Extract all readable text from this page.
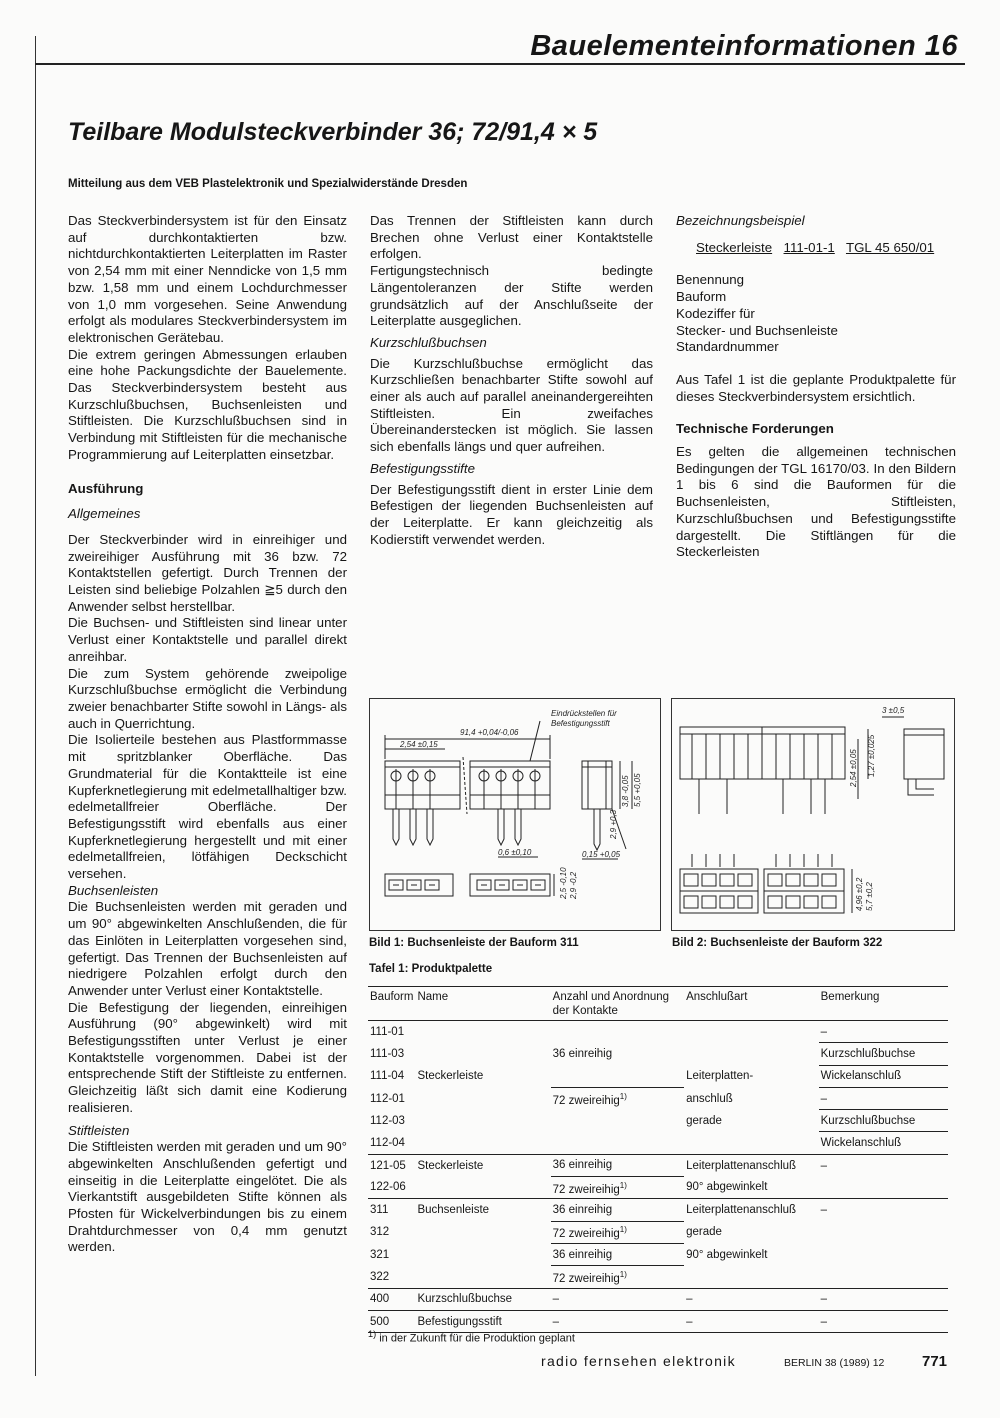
Bauelementeinformationen 16
Teilbare Modulsteckverbinder 36; 72/91,4 × 5
Mitteilung aus dem VEB Plastelektronik und Spezialwiderstände Dresden

Das Steckverbindersystem ist für den Einsatz auf durchkontaktierten bzw. nichtdurchkontaktierten Leiterplatten im Raster von 2,54 mm mit einer Nenndicke von 1,5 mm bzw. 1,58 mm und einem Lochdurchmesser von 1,0 mm vorgesehen. Seine Anwendung erfolgt als modulares Steckverbindersystem im elektronischen Gerätebau.

Die extrem geringen Abmessungen erlauben eine hohe Packungsdichte der Bauelemente. Das Steckverbindersystem besteht aus Kurzschlußbuchsen, Buchsenleisten und Stiftleisten. Die Kurzschlußbuchsen sind in Verbindung mit Stiftleisten für die mechanische Programmierung auf Leiterplatten einsetzbar.

Ausführung

Allgemeines

Der Steckverbinder wird in einreihiger und zweireihiger Ausführung mit 36 bzw. 72 Kontaktstellen gefertigt. Durch Trennen der Leisten sind beliebige Polzahlen ≧5 durch den Anwender selbst herstellbar.

Die Buchsen- und Stiftleisten sind linear unter Verlust einer Kontaktstelle und parallel direkt anreihbar.

Die zum System gehörende zweipolige Kurzschlußbuchse ermöglicht die Verbindung zweier benachbarter Stifte sowohl in Längs- als auch in Querrichtung.

Die Isolierteile bestehen aus Plastformmasse mit spritzblanker Oberfläche. Das Grundmaterial für die Kontaktteile ist eine Kupferknetlegierung mit edelmetallhaltiger bzw. edelmetallfreier Oberfläche. Der Befestigungsstift wird ebenfalls aus einer Kupferknetlegierung hergestellt und mit einer edelmetallfreien, lötfähigen Deckschicht versehen.

Buchsenleisten

Die Buchsenleisten werden mit geraden und um 90° abgewinkelten Anschlußenden, die für das Einlöten in Leiterplatten vorgesehen sind, gefertigt. Das Trennen der Buchsenleisten auf niedrigere Polzahlen erfolgt durch den Anwender unter Verlust einer Kontaktstelle.

Die Befestigung der liegenden, einreihigen Ausführung (90° abgewinkelt) wird mit Befestigungsstiften unter Verlust je einer Kontaktstelle vorgenommen. Dabei ist der entsprechende Stift der Stiftleiste zu entfernen. Gleichzeitig läßt sich damit eine Kodierung realisieren.

Stiftleisten

Die Stiftleisten werden mit geraden und um 90° abgewinkelten Anschlußenden gefertigt und einseitig in die Leiterplatte eingelötet. Die als Vierkantstift ausgebildeten Stifte können als Pfosten für Wickelverbindungen bis zu einem Drahtdurchmesser von 0,4 mm genutzt werden.

Das Trennen der Stiftleisten kann durch Brechen ohne Verlust einer Kontaktstelle erfolgen.

Fertigungstechnisch bedingte Längentoleranzen der Stifte werden grundsätzlich auf der Anschlußseite der Leiterplatte ausgeglichen.

Kurzschlußbuchsen

Die Kurzschlußbuchse ermöglicht das Kurzschließen benachbarter Stifte sowohl auf einer als auch auf parallel aneinandergereihten Stiftleisten. Ein zweifaches Übereinanderstecken ist möglich. Sie lassen sich ebenfalls längs und quer aufreihen.

Befestigungsstifte

Der Befestigungsstift dient in erster Linie dem Befestigen der liegenden Buchsenleisten auf der Leiterplatte. Er kann gleichzeitig als Kodierstift verwendet werden.

Bezeichnungsbeispiel

Steckerleiste 111-01-1 TGL 45 650/01

Benennung

Bauform

Kodeziffer für

Stecker- und Buchsenleiste

Standardnummer

Aus Tafel 1 ist die geplante Produktpalette für dieses Steckverbindersystem ersichtlich.

Technische Forderungen

Es gelten die allgemeinen technischen Bedingungen der TGL 16170/03. In den Bildern 1 bis 6 sind die Bauformen für die Buchsenleisten, Stiftleisten, Kurzschlußbuchsen und Befestigungsstifte dargestellt. Die Stiftlängen für die Steckerleisten

Eindrückstellen für
Befestigungsstift
91,4 +0,04/-0,06
2,54 ±0,15
0,6 ±0,10	0,15 +0,05
2,9 +0,3
3,8 -0,05 5,5 +0,05
2,5 -0,10 2,9 -0,2
Bild 1: Buchsenleiste der Bauform 311
3 ±0,5
2,54 ±0,05 1,27 ±0,025
4,96 ±0,2 5,7 ±0,2
Bild 2: Buchsenleiste der Bauform 322
Tafel 1: Produktpalette
Bauform	Name	Anzahl und Anordnung der Kontakte	Anschlußart	Bemerkung
111-01				–
111-03		36 einreihig		Kurzschlußbuchse
111-04	Steckerleiste		Leiterplatten-	Wickelanschluß
112-01		72 zweireihig$^{1)}$	anschluß	–
112-03			gerade	Kurzschlußbuchse
112-04				Wickelanschluß
121-05	Steckerleiste	36 einreihig	Leiterplattenanschluß	–
122-06		72 zweireihig$^{1)}$	90° abgewinkelt	
311	Buchsenleiste	36 einreihig	Leiterplattenanschluß	–
312		72 zweireihig$^{1)}$	gerade	
321		36 einreihig	90° abgewinkelt	
322		72 zweireihig$^{1)}$		
400	Kurzschlußbuchse	–	–	–
500	Befestigungsstift	–	–	–
$^{1)}$ in der Zukunft für die Produktion geplant
radio fernsehen elektronik	BERLIN 38 (1989) 12	771
